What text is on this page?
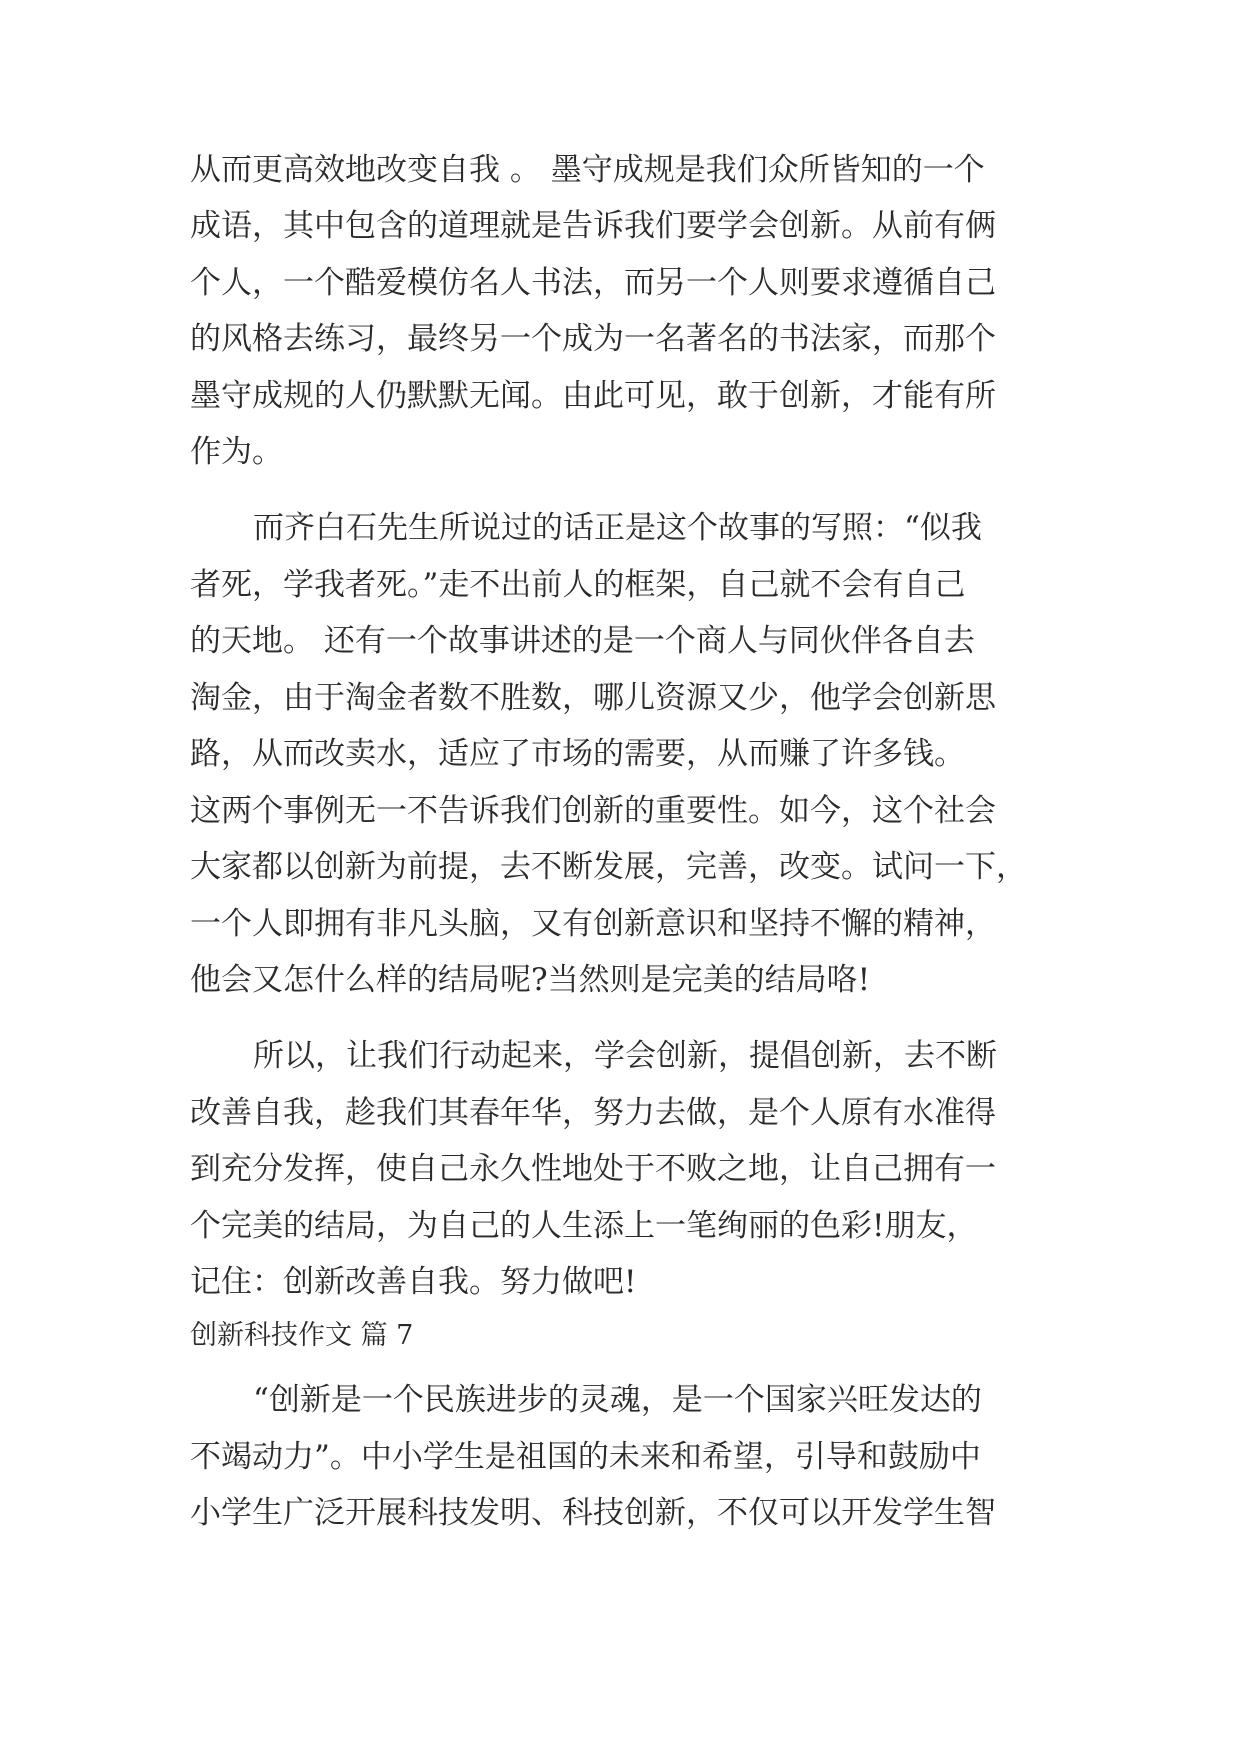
从而更高效地改变自我 。 墨守成规是我们众所皆知的一个
成语，其中包含的道理就是告诉我们要学会创新。从前有俩
个人，一个酷爱模仿名人书法，而另一个人则要求遵循自己
的风格去练习，最终另一个成为一名著名的书法家，而那个
墨守成规的人仍默默无闻。由此可见，敢于创新，才能有所
作为。
而齐白石先生所说过的话正是这个故事的写照：“似我
者死，学我者死。”走不出前人的框架，自己就不会有自己
的天地。 还有一个故事讲述的是一个商人与同伙伴各自去
淘金，由于淘金者数不胜数，哪儿资源又少，他学会创新思
路，从而改卖水，适应了市场的需要，从而赚了许多钱。
这两个事例无一不告诉我们创新的重要性。如今，这个社会
大家都以创新为前提，去不断发展，完善，改变。试问一下，
一个人即拥有非凡头脑，又有创新意识和坚持不懈的精神，
他会又怎什么样的结局呢?当然则是完美的结局咯!
所以，让我们行动起来，学会创新，提倡创新，去不断
改善自我，趁我们其春年华，努力去做，是个人原有水准得
到充分发挥，使自己永久性地处于不败之地，让自己拥有一
个完美的结局，为自己的人生添上一笔绚丽的色彩!朋友，
记住：创新改善自我。努力做吧!
创新科技作文 篇 7
“创新是一个民族进步的灵魂，是一个国家兴旺发达的
不竭动力”。中小学生是祖国的未来和希望，引导和鼓励中
小学生广泛开展科技发明、科技创新，不仅可以开发学生智
